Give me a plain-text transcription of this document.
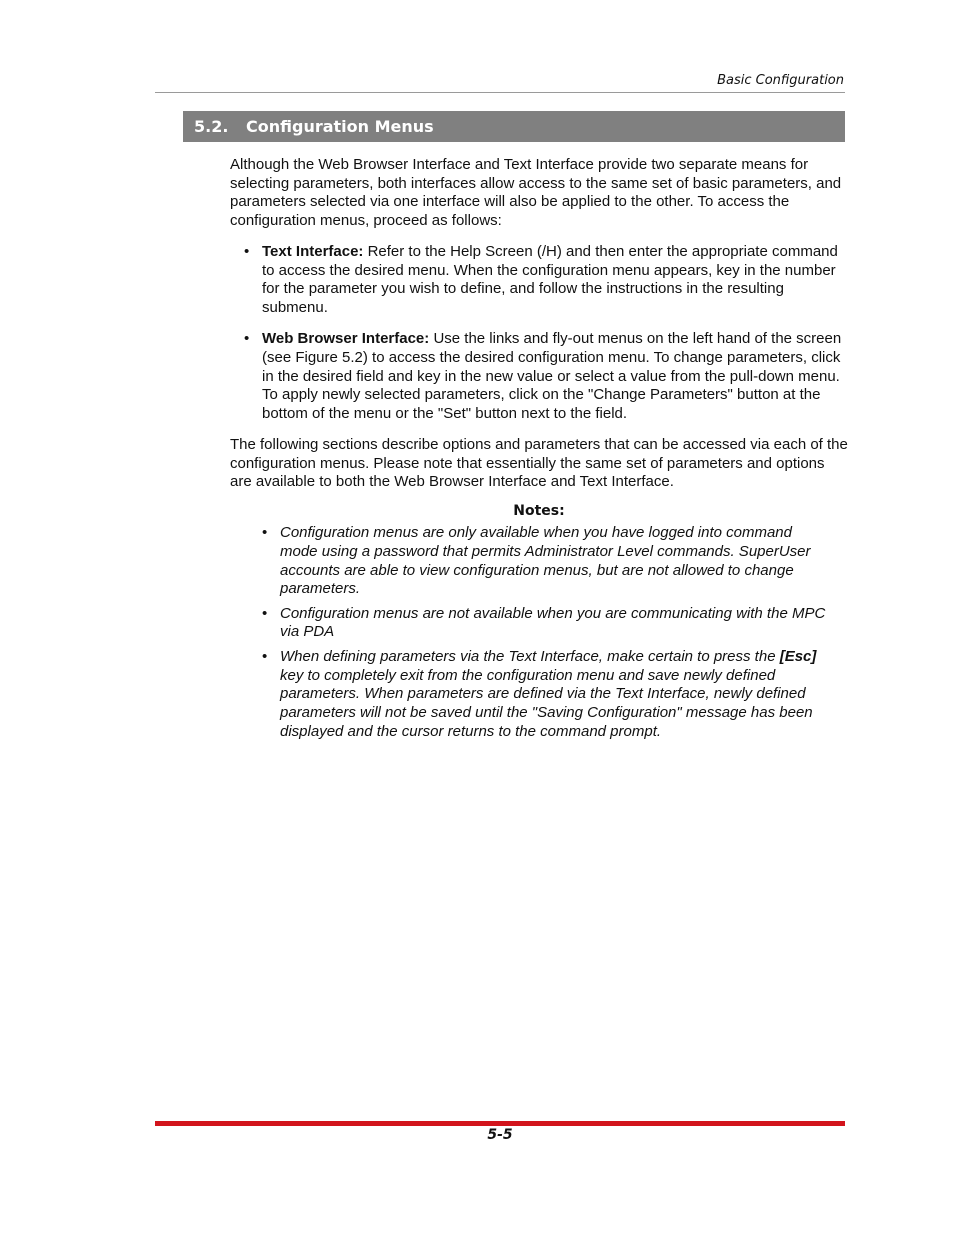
Basic Configuration
5.2. Configuration Menus

Although the Web Browser Interface and Text Interface provide two separate means for selecting parameters, both interfaces allow access to the same set of basic parameters, and parameters selected via one interface will also be applied to the other. To access the configuration menus, proceed as follows:

• Text Interface: Refer to the Help Screen (/H) and then enter the appropriate command to access the desired menu. When the configuration menu appears, key in the number for the parameter you wish to define, and follow the instructions in the resulting submenu.
• Web Browser Interface: Use the links and fly-out menus on the left hand of the screen (see Figure 5.2) to access the desired configuration menu. To change parameters, click in the desired field and key in the new value or select a value from the pull-down menu. To apply newly selected parameters, click on the "Change Parameters" button at the bottom of the menu or the "Set" button next to the field.

The following sections describe options and parameters that can be accessed via each of the configuration menus. Please note that essentially the same set of parameters and options are available to both the Web Browser Interface and Text Interface.

Notes:
• Configuration menus are only available when you have logged into command mode using a password that permits Administrator Level commands. SuperUser accounts are able to view configuration menus, but are not allowed to change parameters.
• Configuration menus are not available when you are communicating with the MPC via PDA
• When defining parameters via the Text Interface, make certain to press the [Esc] key to completely exit from the configuration menu and save newly defined parameters. When parameters are defined via the Text Interface, newly defined parameters will not be saved until the "Saving Configuration" message has been displayed and the cursor returns to the command prompt.
5-5
